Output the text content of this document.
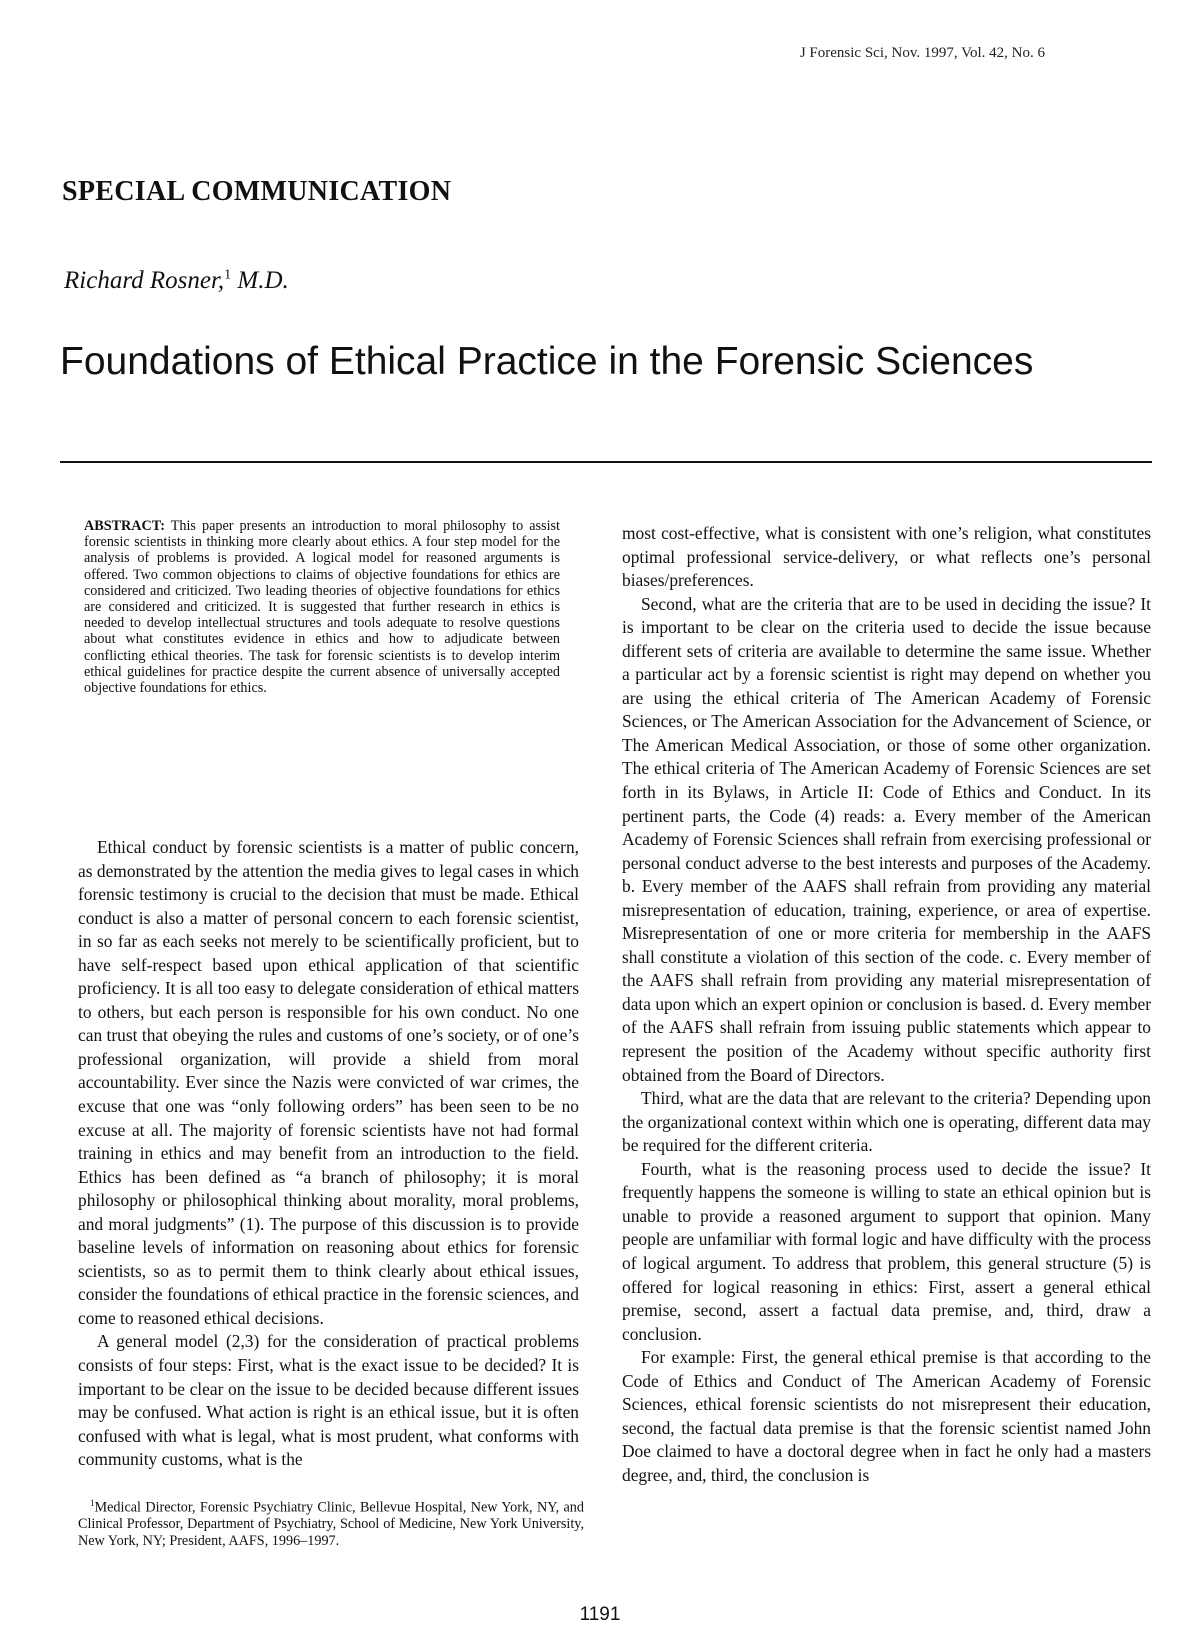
J Forensic Sci, Nov. 1997, Vol. 42, No. 6
SPECIAL COMMUNICATION
Richard Rosner,$^1$ M.D.
Foundations of Ethical Practice in the Forensic Sciences
ABSTRACT: This paper presents an introduction to moral philosophy to assist forensic scientists in thinking more clearly about ethics. A four step model for the analysis of problems is provided. A logical model for reasoned arguments is offered. Two common objections to claims of objective foundations for ethics are considered and criticized. Two leading theories of objective foundations for ethics are considered and criticized. It is suggested that further research in ethics is needed to develop intellectual structures and tools adequate to resolve questions about what constitutes evidence in ethics and how to adjudicate between conflicting ethical theories. The task for forensic scientists is to develop interim ethical guidelines for practice despite the current absence of universally accepted objective foundations for ethics.

Ethical conduct by forensic scientists is a matter of public concern, as demonstrated by the attention the media gives to legal cases in which forensic testimony is crucial to the decision that must be made. Ethical conduct is also a matter of personal concern to each forensic scientist, in so far as each seeks not merely to be scientifically proficient, but to have self-respect based upon ethical application of that scientific proficiency. It is all too easy to delegate consideration of ethical matters to others, but each person is responsible for his own conduct. No one can trust that obeying the rules and customs of one’s society, or of one’s professional organization, will provide a shield from moral accountability. Ever since the Nazis were convicted of war crimes, the excuse that one was “only following orders” has been seen to be no excuse at all. The majority of forensic scientists have not had formal training in ethics and may benefit from an introduction to the field. Ethics has been defined as “a branch of philosophy; it is moral philosophy or philosophical thinking about morality, moral problems, and moral judgments” (1). The purpose of this discussion is to provide baseline levels of information on reasoning about ethics for forensic scientists, so as to permit them to think clearly about ethical issues, consider the foundations of ethical practice in the forensic sciences, and come to reasoned ethical decisions.

A general model (2,3) for the consideration of practical problems consists of four steps: First, what is the exact issue to be decided? It is important to be clear on the issue to be decided because different issues may be confused. What action is right is an ethical issue, but it is often confused with what is legal, what is most prudent, what conforms with community customs, what is the

$^1$Medical Director, Forensic Psychiatry Clinic, Bellevue Hospital, New York, NY, and Clinical Professor, Department of Psychiatry, School of Medicine, New York University, New York, NY; President, AAFS, 1996–1997.

most cost-effective, what is consistent with one’s religion, what constitutes optimal professional service-delivery, or what reflects one’s personal biases/preferences.

Second, what are the criteria that are to be used in deciding the issue? It is important to be clear on the criteria used to decide the issue because different sets of criteria are available to determine the same issue. Whether a particular act by a forensic scientist is right may depend on whether you are using the ethical criteria of The American Academy of Forensic Sciences, or The American Association for the Advancement of Science, or The American Medical Association, or those of some other organization. The ethical criteria of The American Academy of Forensic Sciences are set forth in its Bylaws, in Article II: Code of Ethics and Conduct. In its pertinent parts, the Code (4) reads: a. Every member of the American Academy of Forensic Sciences shall refrain from exercising professional or personal conduct adverse to the best interests and purposes of the Academy. b. Every member of the AAFS shall refrain from providing any material misrepresentation of education, training, experience, or area of expertise. Misrepresentation of one or more criteria for membership in the AAFS shall constitute a violation of this section of the code. c. Every member of the AAFS shall refrain from providing any material misrepresentation of data upon which an expert opinion or conclusion is based. d. Every member of the AAFS shall refrain from issuing public statements which appear to represent the position of the Academy without specific authority first obtained from the Board of Directors.

Third, what are the data that are relevant to the criteria? Depending upon the organizational context within which one is operating, different data may be required for the different criteria.

Fourth, what is the reasoning process used to decide the issue? It frequently happens the someone is willing to state an ethical opinion but is unable to provide a reasoned argument to support that opinion. Many people are unfamiliar with formal logic and have difficulty with the process of logical argument. To address that problem, this general structure (5) is offered for logical reasoning in ethics: First, assert a general ethical premise, second, assert a factual data premise, and, third, draw a conclusion.

For example: First, the general ethical premise is that according to the Code of Ethics and Conduct of The American Academy of Forensic Sciences, ethical forensic scientists do not misrepresent their education, second, the factual data premise is that the forensic scientist named John Doe claimed to have a doctoral degree when in fact he only had a masters degree, and, third, the conclusion is

1191
